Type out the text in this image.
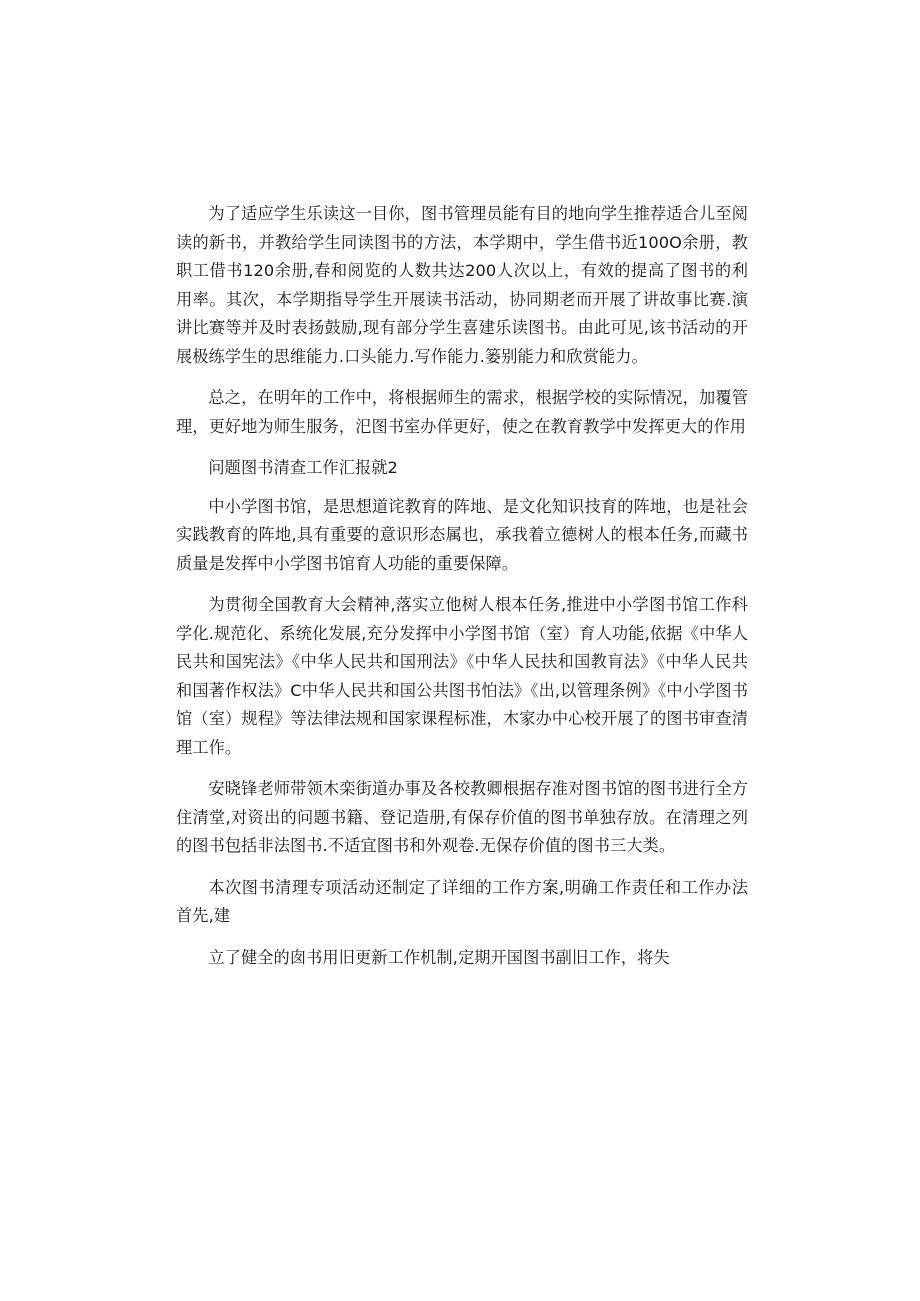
为了适应学生乐读这一目你，图书管理员能有目的地向学生推荐适合儿至阅读的新书，并教给学生同读图书的方法，本学期中，学生借书近100O余册，教职工借书120余册,春和阅览的人数共达200人次以上，有效的提高了图书的利用率。其次，本学期指导学生开展读书活动，协同期老而开展了讲故事比赛.演讲比赛等并及时表扬鼓励,现有部分学生喜建乐读图书。由此可见,该书活动的开展极练学生的思维能力.口头能力.写作能力.篓别能力和欣赏能力。

总之，在明年的工作中，将根据师生的需求，根据学校的实际情况，加覆管理，更好地为师生服务，汜图书室办佯更好，使之在教育教学中发挥更大的作用

问题图书清查工作汇报就2

中小学图书馆，是思想道诧教育的阵地、是文化知识技育的阵地，也是社会实践教育的阵地,具有重要的意识形态属也，承我着立德树人的根本任务,而藏书质量是发挥中小学图书馆育人功能的重要保障。

为贯彻全国教育大会精神,落实立他树人根本任务,推进中小学图书馆工作科学化.规范化、系统化发展,充分发挥中小学图书馆（室）育人功能,依据《中华人民共和国宪法》《中华人民共和国刑法》《中华人民扶和国教肓法》《中华人民共和国著作权法》C中华人民共和国公共图书怕法》《出,以管理条例》《中小学图书馆（室）规程》等法律法规和国家课程标准，木家办中心校开展了的图书审查清理工作。

安晓锋老师带领木栾街道办事及各校教卿根据存准对图书馆的图书进行全方住清堂,对资出的问题书籍、登记造册,有保存价值的图书单独存放。在清理之列的图书包括非法图书.不适宜图书和外观卷.无保存价值的图书三大类。

本次图书清理专项活动还制定了详细的工作方案,明确工作责任和工作办法首先,建

立了健全的囱书用旧更新工作机制,定期开国图书副旧工作，将失
